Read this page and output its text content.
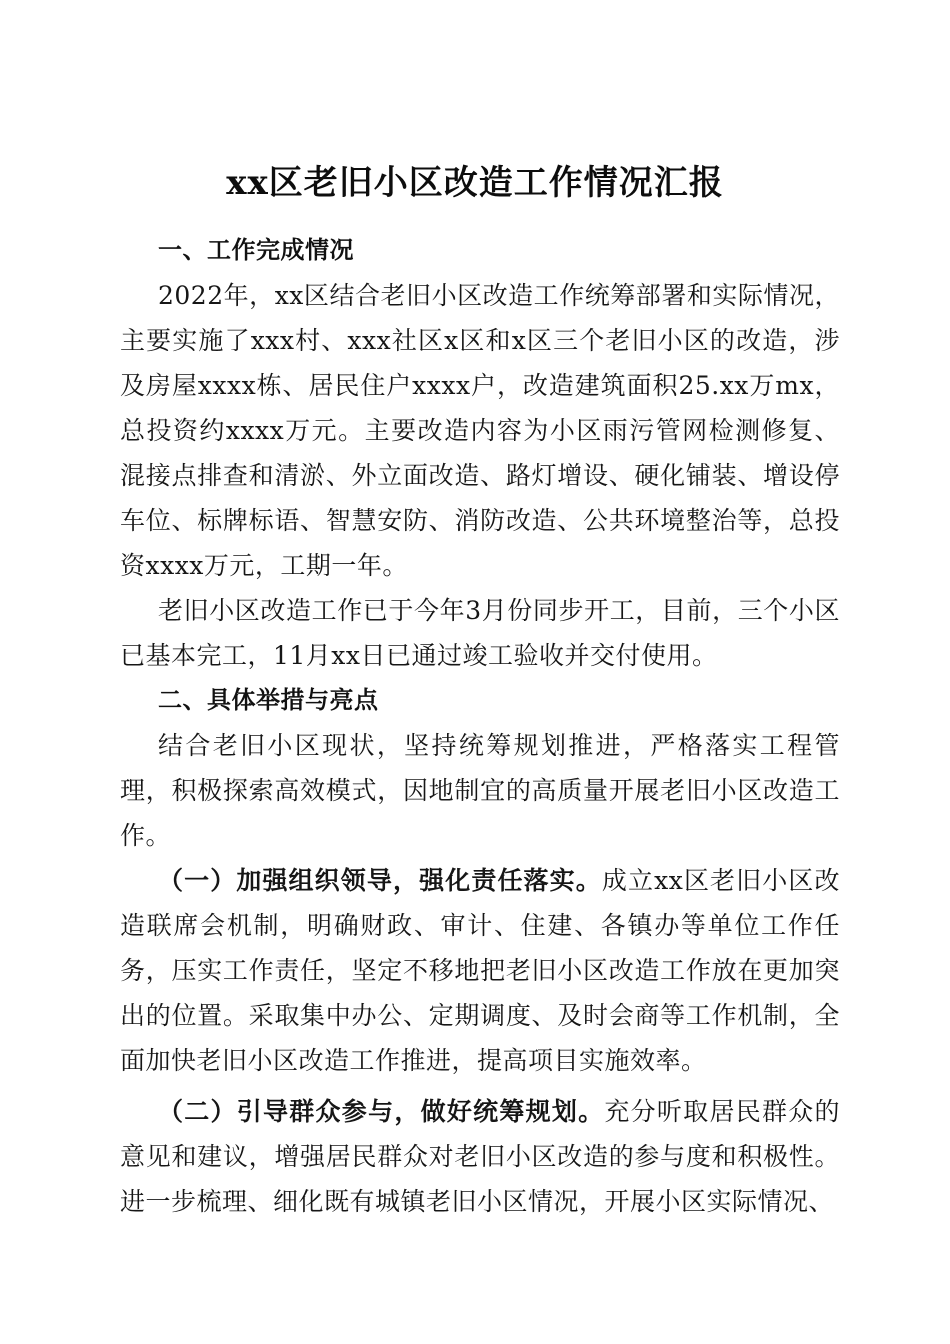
xx区老旧小区改造工作情况汇报
一、工作完成情况

2022年，xx区结合老旧小区改造工作统筹部署和实际情况，主要实施了xxx村、xxx社区x区和x区三个老旧小区的改造，涉及房屋xxxx栋、居民住户xxxx户，改造建筑面积25.xx万mx，总投资约xxxx万元。主要改造内容为小区雨污管网检测修复、混接点排查和清淤、外立面改造、路灯增设、硬化铺装、增设停车位、标牌标语、智慧安防、消防改造、公共环境整治等，总投资xxxx万元，工期一年。

老旧小区改造工作已于今年3月份同步开工，目前，三个小区已基本完工，11月xx日已通过竣工验收并交付使用。

二、具体举措与亮点

结合老旧小区现状，坚持统筹规划推进，严格落实工程管理，积极探索高效模式，因地制宜的高质量开展老旧小区改造工作。

（一）加强组织领导，强化责任落实。成立xx区老旧小区改造联席会机制，明确财政、审计、住建、各镇办等单位工作任务，压实工作责任，坚定不移地把老旧小区改造工作放在更加突出的位置。采取集中办公、定期调度、及时会商等工作机制，全面加快老旧小区改造工作推进，提高项目实施效率。

（二）引导群众参与，做好统筹规划。充分听取居民群众的意见和建议，增强居民群众对老旧小区改造的参与度和积极性。进一步梳理、细化既有城镇老旧小区情况，开展小区实际情况、
